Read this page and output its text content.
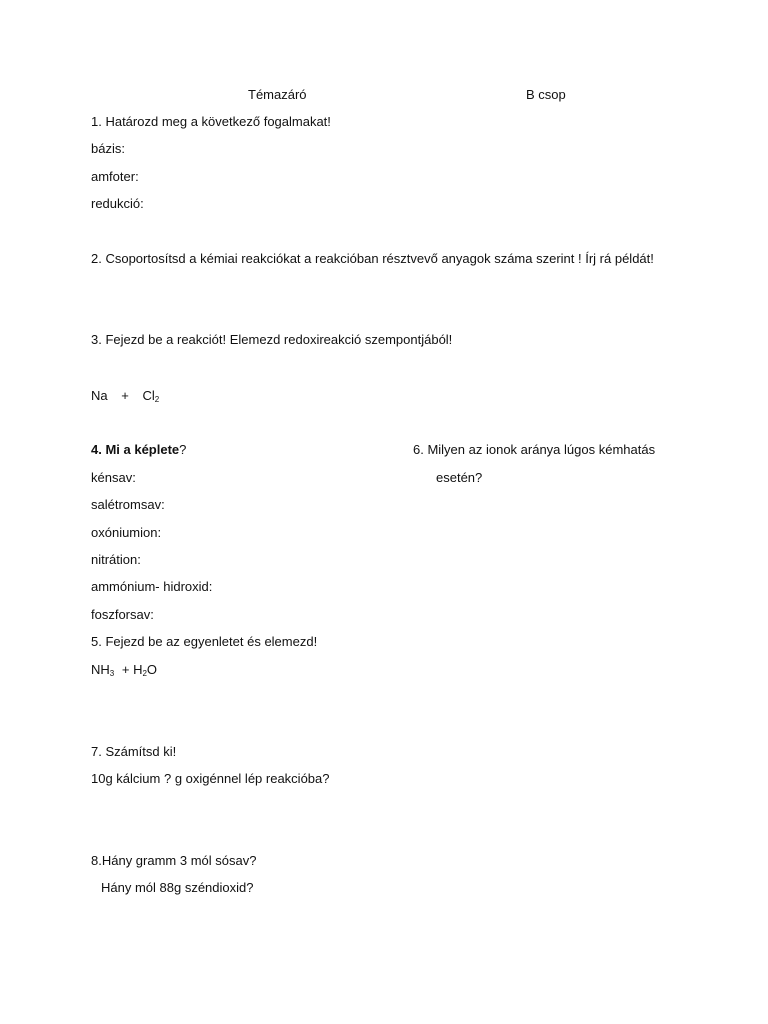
Témazáró	B csop
1. Határozd meg a következő fogalmakat!
bázis:
amfoter:
redukció:
2. Csoportosítsd a kémiai reakciókat a reakcióban résztvevő anyagok száma szerint ! Írj rá példát!
3. Fejezd be a reakciót! Elemezd redoxireakció szempontjából!
$Na + Cl_2$
4. Mi a képlete?
kénsav:
salétromsav:
oxóniumion:
nitrátion:
ammónium- hidroxid:
foszforsav:
6. Milyen az ionok aránya lúgos kémhatás
esetén?
5. Fejezd be az egyenletet és elemezd!
$NH_3 + H_2O$
7. Számítsd ki!
10g kálcium ? g oxigénnel lép reakcióba?
8.Hány gramm 3 mól sósav?
Hány mól 88g széndioxid?
